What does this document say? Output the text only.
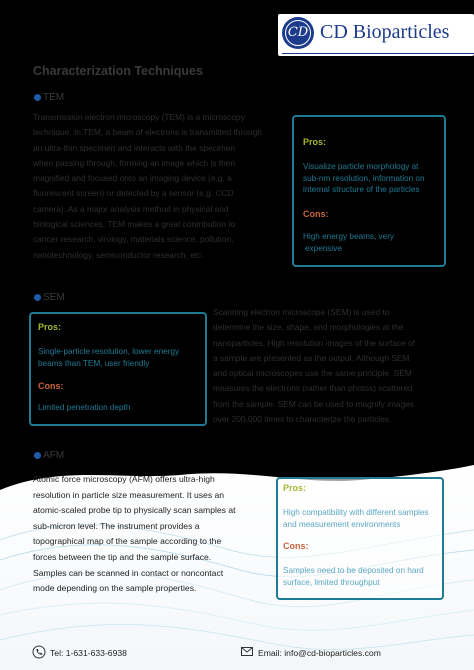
CD CD Bioparticles
Characterization Techniques
TEM
Transmission electron microscopy (TEM) is a microscopy
technique. In TEM, a beam of electrons is transmitted through
an ultra-thin specimen and interacts with the specimen
when passing through, forming an image which is then
magnified and focused onto an imaging device (e.g. a
fluorescent screen) or detected by a sensor (e.g. CCD
camera). As a major analysis method in physical and
biological sciences, TEM makes a great contribution to
cancer research, virology, materials science, pollution,
nanotechnology, semiconductor research, etc.
Pros:
Visualize particle morphology at
sub-nm resolution, information on
internal structure of the particles
Cons:
High energy beams, very
expensive
SEM
Pros:
Single-particle resolution, lower energy
beams than TEM, user friendly
Cons:
Limited penetration depth
Scanning electron microscope (SEM) is used to
determine the size, shape, and morphologies at the
nanoparticles. High resolution images of the surface of
a sample are presented as the output. Although SEM
and optical microscopes use the same principle, SEM
measures the electrons (rather than photos) scattered
from the sample. SEM can be used to magnify images
over 200,000 times to characterize the particles.
AFM
Atomic force microscopy (AFM) offers ultra-high
resolution in particle size measurement. It uses an
atomic-scaled probe tip to physically scan samples at
sub-micron level. The instrument provides a
topographical map of the sample according to the
forces between the tip and the sample surface.
Samples can be scanned in contact or noncontact
mode depending on the sample properties.
Pros:
High compatibility with different samples
and measurement environments
Cons:
Samples need to be deposited on hard
surface, limited throughput
Tel: 1-631-633-6938	Email: info@cd-bioparticles.com
